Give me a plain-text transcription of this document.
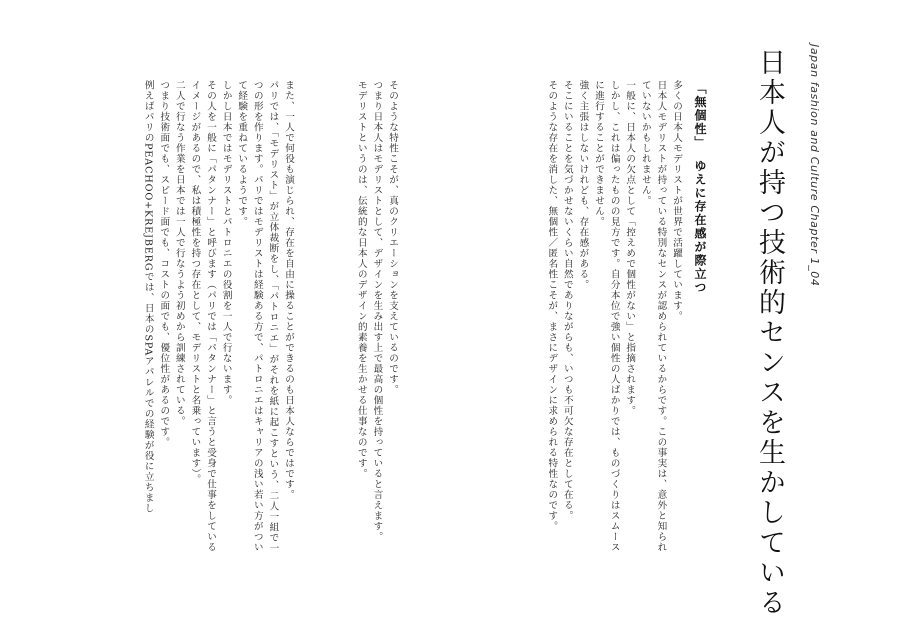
Japan fashion and Culture Chapter 1_04
日本人が持つ技術的センスを生かしている
「無個性」ゆえに存在感が際立つ

多くの日本人モデリストが世界で活躍しています。

日本人モデリストが持っている特別なセンスが認められているからです。この事実は、意外と知られていないかもしれません。

一般に、日本人の欠点として「控えめで個性がない」と指摘されます。

しかし、これは偏ったものの見方です。自分本位で強い個性の人ばかりでは、ものづくりはスムースに進行することができません。

強く主張はしないけれども、存在感がある。

そこにいることを気づかせないくらい自然でありながらも、いつも不可欠な存在として在る。

そのような存在を消した、無個性／匿名性こそが、まさにデザインに求められる特性なのです。

そのような特性こそが、真のクリエーションを支えているのです。

つまり日本人はモデリストとして、デザインを生み出す上で最高の個性を持っていると言えます。

モデリストというのは、伝統的な日本人のデザイン的素養を生かせる仕事なのです。

また、一人で何役も演じられ、存在を自由に操ることができるのも日本人ならではです。

パリでは、「モデリスト」が立体裁断をし、「パトロニエ」がそれを紙に起こすという、二人一組で一つの形を作ります。パリではモデリストは経験ある方で、パトロニエはキャリアの浅い若い方がついて経験を重ねているようです。

しかし日本ではモデリストとパトロニエの役割を一人で行ないます。

その人を一般に「パタンナー」と呼びます（パリでは「パタンナー」と言うと受身で仕事をしているイメージがあるので、私は積極性を持つ存在として、モデリストと名乗っています）。

二人で行なう作業を日本では一人で行なうよう初めから訓練されている。

つまり技術面でも、スピード面でも、コストの面でも、優位性があるのです。

例えばパリのPEACHOO+KREJBERGでは、日本のSPAアパレルでの経験が役に立ちまし
